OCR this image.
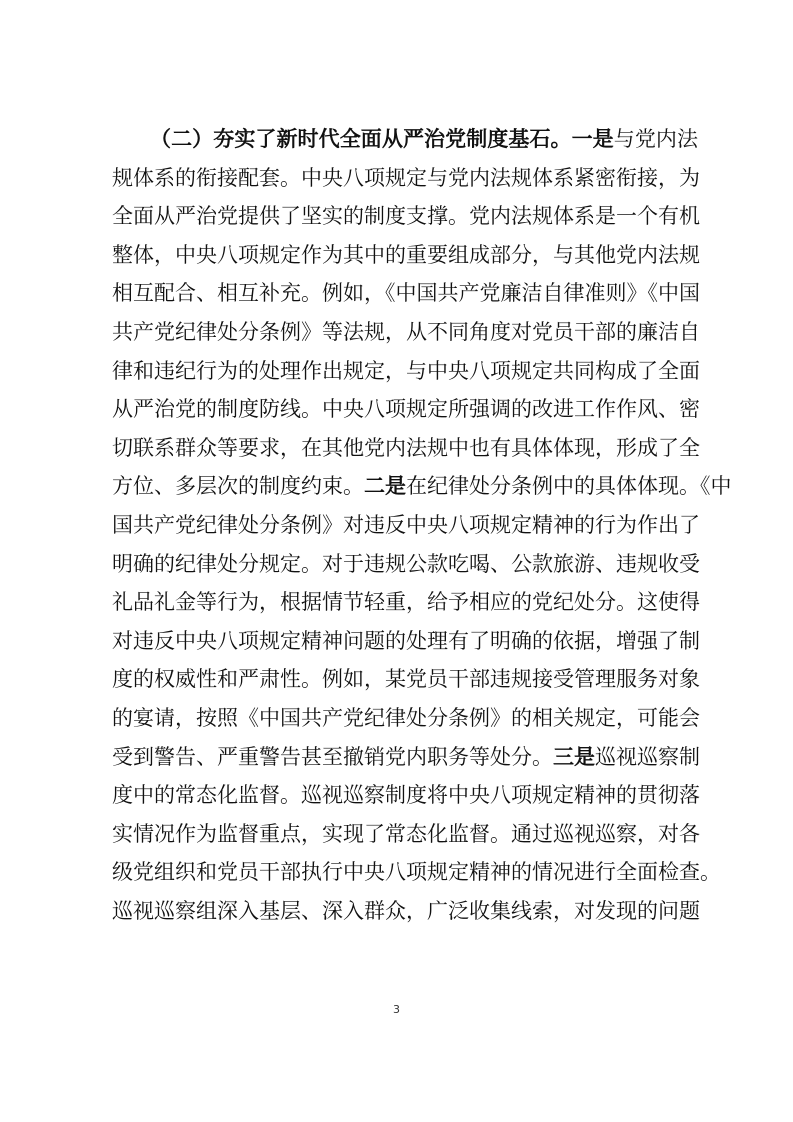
（二）夯实了新时代全面从严治党制度基石。一是与党内法
规体系的衔接配套。中央八项规定与党内法规体系紧密衔接，为
全面从严治党提供了坚实的制度支撑。党内法规体系是一个有机
整体，中央八项规定作为其中的重要组成部分，与其他党内法规
相互配合、相互补充。例如，《中国共产党廉洁自律准则》《中国
共产党纪律处分条例》等法规，从不同角度对党员干部的廉洁自
律和违纪行为的处理作出规定，与中央八项规定共同构成了全面
从严治党的制度防线。中央八项规定所强调的改进工作作风、密
切联系群众等要求，在其他党内法规中也有具体体现，形成了全
方位、多层次的制度约束。二是在纪律处分条例中的具体体现。《中
国共产党纪律处分条例》对违反中央八项规定精神的行为作出了
明确的纪律处分规定。对于违规公款吃喝、公款旅游、违规收受
礼品礼金等行为，根据情节轻重，给予相应的党纪处分。这使得
对违反中央八项规定精神问题的处理有了明确的依据，增强了制
度的权威性和严肃性。例如，某党员干部违规接受管理服务对象
的宴请，按照《中国共产党纪律处分条例》的相关规定，可能会
受到警告、严重警告甚至撤销党内职务等处分。三是巡视巡察制
度中的常态化监督。巡视巡察制度将中央八项规定精神的贯彻落
实情况作为监督重点，实现了常态化监督。通过巡视巡察，对各
级党组织和党员干部执行中央八项规定精神的情况进行全面检查。
巡视巡察组深入基层、深入群众，广泛收集线索，对发现的问题
3
